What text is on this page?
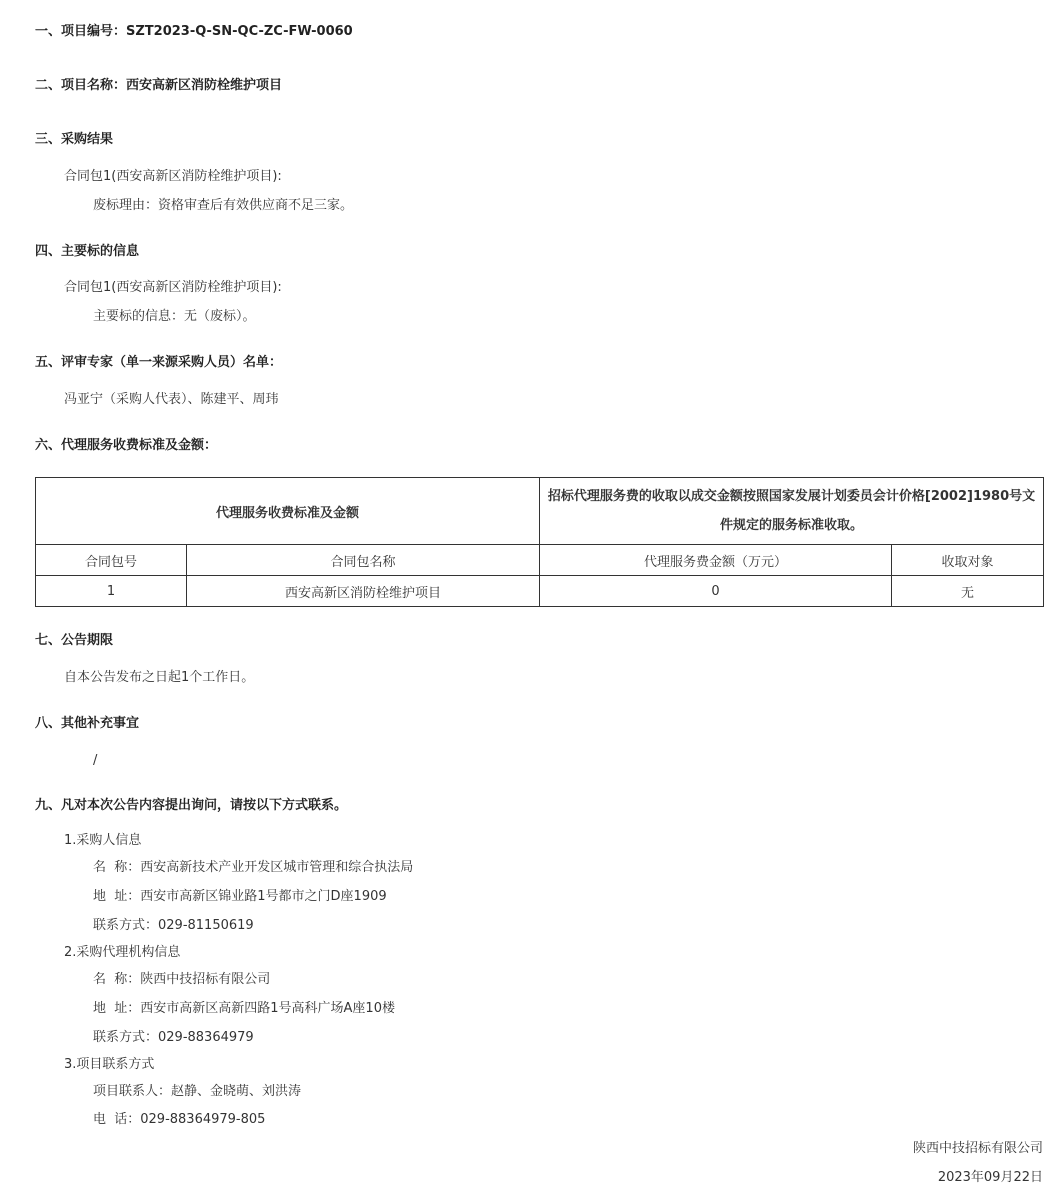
一、项目编号：SZT2023-Q-SN-QC-ZC-FW-0060
二、项目名称：西安高新区消防栓维护项目
三、采购结果
合同包1(西安高新区消防栓维护项目):
废标理由：资格审查后有效供应商不足三家。
四、主要标的信息
合同包1(西安高新区消防栓维护项目):
主要标的信息：无（废标）。
五、评审专家（单一来源采购人员）名单：
冯亚宁（采购人代表）、陈建平、周玮
六、代理服务收费标准及金额：
代理服务收费标准及金额		招标代理服务费的收取以成交金额按照国家发展计划委员会计价格[2002]1980号文件规定的服务标准收取。	
合同包号	合同包名称	代理服务费金额（万元）	收取对象
1	西安高新区消防栓维护项目	0	无
七、公告期限
自本公告发布之日起1个工作日。
八、其他补充事宜
/
九、凡对本次公告内容提出询问，请按以下方式联系。
1.采购人信息
名  称：西安高新技术产业开发区城市管理和综合执法局
地  址：西安市高新区锦业路1号都市之门D座1909
联系方式：029-81150619
2.采购代理机构信息
名  称：陕西中技招标有限公司
地  址：西安市高新区高新四路1号高科广场A座10楼
联系方式：029-88364979
3.项目联系方式
项目联系人：赵静、金晓萌、刘洪涛
电  话：029-88364979-805
陕西中技招标有限公司
2023年09月22日
